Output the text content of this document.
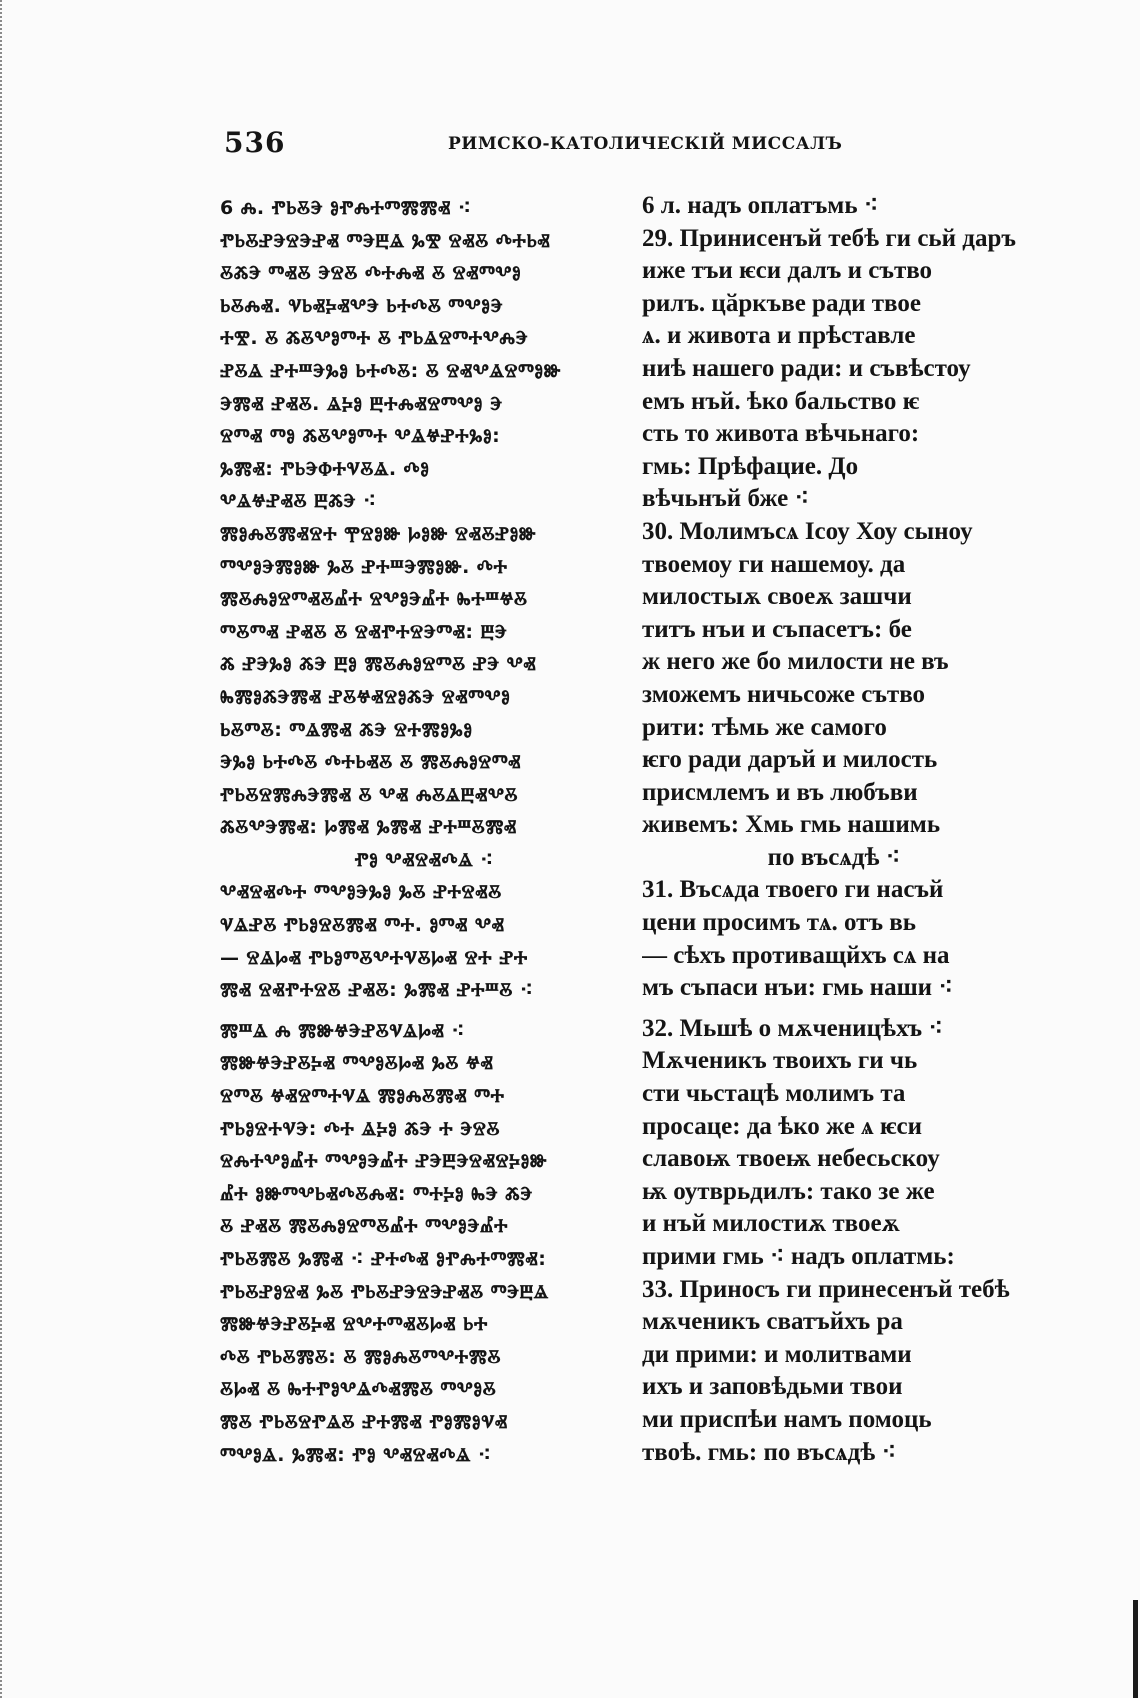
536	РИМСКО-КАТОЛИЧЕСКІЙ МИССАЛЪ
6 Ⰾ. ⰒⰓⰋⰅ ⰑⰒⰎⰀⰕⰏⰏⰟ ⁖
ⰒⰓⰋⰐⰅⰔⰅⰐⰟ ⰕⰅⰁⰡ ⰃⰊ ⰔⰟⰋ ⰄⰀⰓⰟ
ⰋⰆⰅ ⰕⰟⰋ ⰅⰔⰋ ⰄⰀⰎⰟ Ⰻ ⰔⰟⰕⰂⰑ
ⰓⰋⰎⰟ. ⰜⰓⰟⰍⰟⰂⰅ ⰓⰀⰄⰋ ⰕⰂⰑⰅ
ⰀⰊ. Ⰻ ⰆⰋⰂⰑⰕⰀ Ⰻ ⰒⰓⰡⰔⰕⰀⰂⰎⰅ
ⰐⰋⰡ ⰐⰀⰞⰅⰃⰑ ⰓⰀⰄⰋ: Ⰻ ⰔⰟⰂⰡⰔⰕⰑⰖ
ⰅⰏⰟ ⰐⰟⰋ. ⰡⰍⰑ ⰁⰀⰎⰟⰔⰕⰂⰑ Ⰵ
ⰔⰕⰟ ⰕⰑ ⰆⰋⰂⰑⰕⰀ ⰂⰡⰝⰐⰀⰃⰑ:
ⰃⰏⰟ: ⰒⰓⰅⰗⰀⰜⰋⰡ. ⰄⰑ
ⰂⰡⰝⰐⰟⰋ ⰁⰆⰅ ⁖
ⰏⰑⰎⰋⰏⰟⰔⰀ ⰉⰔⰑⰖ ⰘⰑⰖ ⰔⰟⰋⰐⰑⰖ
ⰕⰂⰑⰅⰏⰑⰖ ⰃⰋ ⰐⰀⰞⰅⰏⰑⰖ. ⰄⰀ
ⰏⰋⰎⰑⰔⰕⰟⰋⰌⰀ ⰔⰂⰑⰅⰌⰀ ⰈⰀⰞⰝⰋ
ⰕⰋⰕⰟ ⰐⰟⰋ Ⰻ ⰔⰟⰒⰀⰔⰅⰕⰟ: ⰁⰅ
Ⰶ ⰐⰅⰃⰑ ⰆⰅ ⰁⰑ ⰏⰋⰎⰑⰔⰕⰋ ⰐⰅ ⰂⰟ
ⰈⰏⰑⰆⰅⰏⰟ ⰐⰋⰝⰟⰔⰑⰆⰅ ⰔⰟⰕⰂⰑ
ⰓⰋⰕⰋ: ⰕⰡⰏⰟ ⰆⰅ ⰔⰀⰏⰑⰃⰑ
ⰅⰃⰑ ⰓⰀⰄⰋ ⰄⰀⰓⰟⰋ Ⰻ ⰏⰋⰎⰑⰔⰕⰟ
ⰒⰓⰋⰔⰏⰎⰅⰏⰟ Ⰻ ⰂⰟ ⰎⰋⰡⰁⰟⰂⰋ
ⰆⰋⰂⰅⰏⰟ: ⰘⰏⰟ ⰃⰏⰟ ⰐⰀⰞⰋⰏⰟ
ⰒⰑ ⰂⰟⰔⰟⰄⰡ ⁖
ⰂⰟⰔⰟⰄⰀ ⰕⰂⰑⰅⰃⰑ ⰃⰋ ⰐⰀⰔⰟⰋ
ⰜⰡⰐⰋ ⰒⰓⰑⰔⰋⰏⰟ ⰕⰀ. ⰑⰕⰟ ⰂⰟ
— ⰔⰡⰘⰟ ⰒⰓⰑⰕⰋⰂⰀⰜⰋⰘⰟ ⰔⰀ ⰐⰀ
ⰏⰟ ⰔⰟⰒⰀⰔⰋ ⰐⰟⰋ: ⰃⰏⰟ ⰐⰀⰞⰋ ⁖
ⰏⰞⰡ Ⰾ ⰏⰖⰝⰅⰐⰋⰜⰡⰘⰟ ⁖
ⰏⰖⰝⰅⰐⰋⰍⰟ ⰕⰂⰑⰋⰘⰟ ⰃⰋ ⰝⰟ
ⰔⰕⰋ ⰝⰟⰔⰕⰀⰜⰡ ⰏⰑⰎⰋⰏⰟ ⰕⰀ
ⰒⰓⰑⰔⰀⰜⰅ: ⰄⰀ ⰡⰍⰑ ⰆⰅ Ⰰ ⰅⰔⰋ
ⰔⰎⰀⰂⰑⰌⰀ ⰕⰂⰑⰅⰌⰀ ⰐⰅⰁⰅⰔⰟⰔⰍⰑⰖ
ⰌⰀ ⰑⰖⰕⰂⰓⰟⰄⰋⰎⰟ: ⰕⰀⰍⰑ ⰈⰅ ⰆⰅ
Ⰻ ⰐⰟⰋ ⰏⰋⰎⰑⰔⰕⰋⰌⰀ ⰕⰂⰑⰅⰌⰀ
ⰒⰓⰋⰏⰋ ⰃⰏⰟ ⁖ ⰐⰀⰄⰟ ⰑⰒⰎⰀⰕⰏⰟ:
ⰒⰓⰋⰐⰑⰔⰟ ⰃⰋ ⰒⰓⰋⰐⰅⰔⰅⰐⰟⰋ ⰕⰅⰁⰡ
ⰏⰖⰝⰅⰐⰋⰍⰟ ⰔⰂⰀⰕⰟⰋⰘⰟ ⰓⰀ
ⰄⰋ ⰒⰓⰋⰏⰋ: Ⰻ ⰏⰑⰎⰋⰕⰂⰀⰏⰋ
ⰋⰘⰟ Ⰻ ⰈⰀⰒⰑⰂⰡⰄⰟⰏⰋ ⰕⰂⰑⰋ
ⰏⰋ ⰒⰓⰋⰔⰒⰡⰋ ⰐⰀⰏⰟ ⰒⰑⰏⰑⰜⰟ
ⰕⰂⰑⰡ. ⰃⰏⰟ: ⰒⰑ ⰂⰟⰔⰟⰄⰡ ⁖
6 л. надъ оплатъмь ⁖
29. Принисенъй тебѣ ги сьй даръ
иже тъи ѥси далъ и сътво
рилъ. цӑркъве ради твое
ѧ. и живота и прѣставле
ниѣ нашего ради: и съвѣстоу
емъ нъй. ѣко бальство ѥ
сть то живота вѣчьнаго:
гмь: Прѣфацие. До
вѣчьнъй бже ⁖
30. Молимъсѧ Ісоу Хоу сыноу
твоемоу ги нашемоу. да
милостыѫ своеѫ зашчи
титъ нъи и съпасетъ: бе
ж него же бо милости не въ
зможемъ ничьсоже сътво
рити: тѣмь же самого
ѥго ради даръй и милость
присмлемъ и въ любъви
живемъ: Хмь гмь нашимь
по въсѧдѣ ⁖
31. Въсѧда твоего ги насъй
цени просимъ тѧ. отъ вь
— сѣхъ противащйхъ сѧ на
мъ съпаси нъи: гмь наши ⁖
32. Мьшѣ о мѫченицѣхъ ⁖
Мѫченикъ твоихъ ги чь
сти чьстацѣ молимъ та
просаце: да ѣко же ѧ ѥси
славоѭ твоеѭ небесьскоу
ѭ оутврьдилъ: тако зе же
и нъй милостиѫ твоеѫ
прими гмь ⁖ надъ оплатмь:
33. Приносъ ги принесенъй тебѣ
мѫченикъ сватъйхъ ра
ди прими: и молитвами
ихъ и заповѣдьми твои
ми приспѣи намъ помоць
твоѣ. гмь: по въсѧдѣ ⁖
